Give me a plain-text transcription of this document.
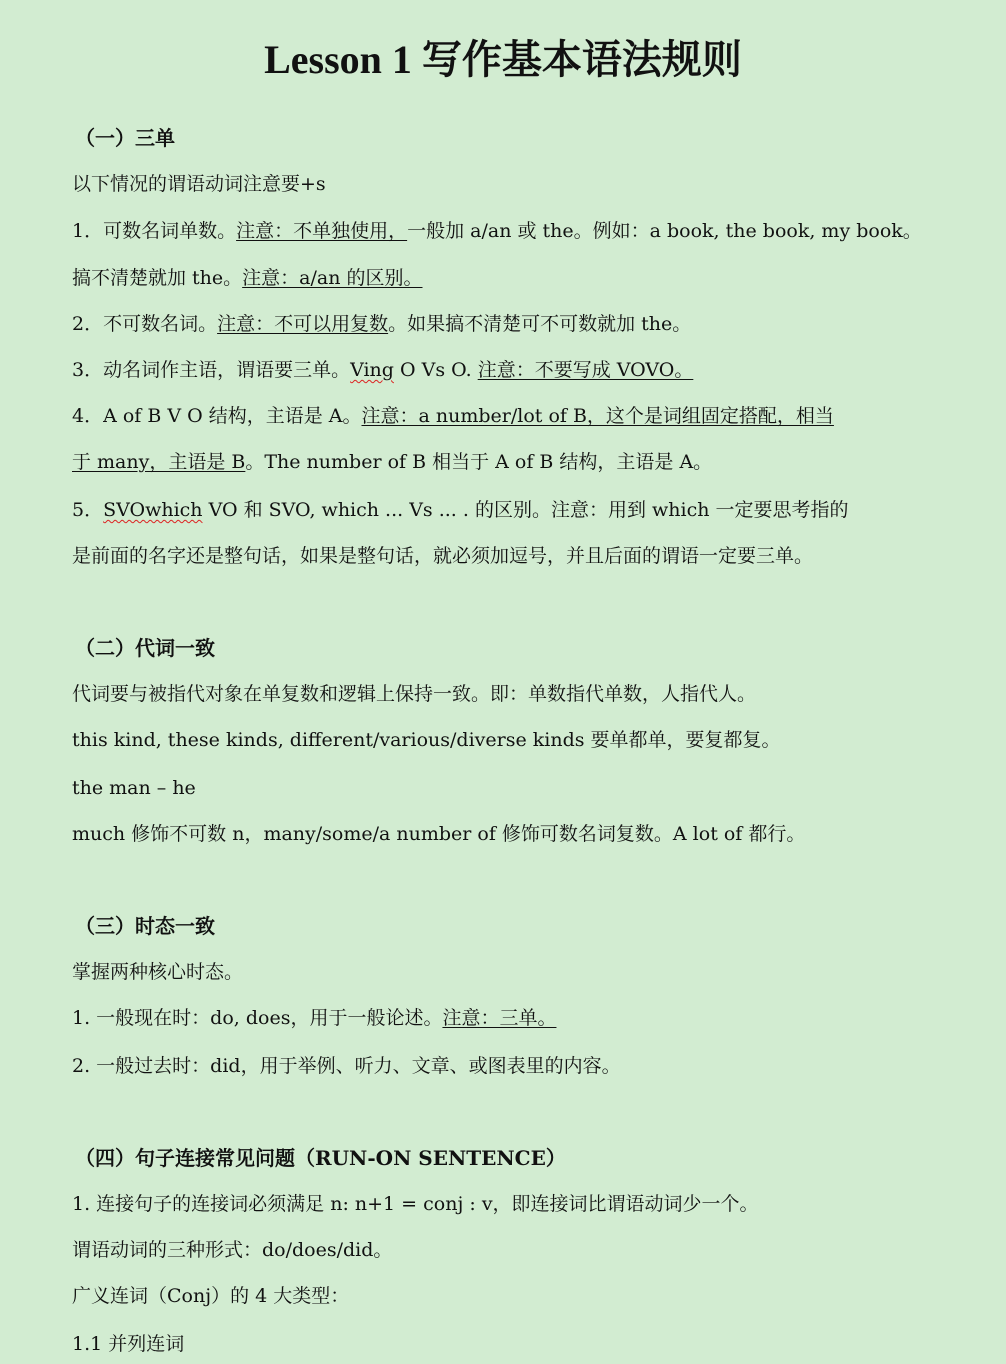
Lesson 1 写作基本语法规则
（一）三单
以下情况的谓语动词注意要+s
1．可数名词单数。注意：不单独使用，一般加 a/an 或 the。例如：a book, the book, my book。
搞不清楚就加 the。注意：a/an 的区别。
2．不可数名词。注意：不可以用复数。如果搞不清楚可不可数就加 the。
3．动名词作主语，谓语要三单。Ving O Vs O. 注意：不要写成 VOVO。
4．A of B V O 结构，主语是 A。注意：a number/lot of B，这个是词组固定搭配，相当
于 many，主语是 B。The number of B 相当于 A of B 结构，主语是 A。
5．SVOwhich VO 和 SVO, which ... Vs ... . 的区别。注意：用到 which 一定要思考指的
是前面的名字还是整句话，如果是整句话，就必须加逗号，并且后面的谓语一定要三单。
（二）代词一致
代词要与被指代对象在单复数和逻辑上保持一致。即：单数指代单数，人指代人。
this kind, these kinds, different/various/diverse kinds 要单都单，要复都复。
the man – he
much 修饰不可数 n，many/some/a number of 修饰可数名词复数。A lot of 都行。
（三）时态一致
掌握两种核心时态。
1. 一般现在时：do, does，用于一般论述。注意：三单。
2. 一般过去时：did，用于举例、听力、文章、或图表里的内容。
（四）句子连接常见问题（RUN-ON SENTENCE）
1. 连接句子的连接词必须满足 n: n+1 = conj : v，即连接词比谓语动词少一个。
谓语动词的三种形式：do/does/did。
广义连词（Conj）的 4 大类型：
1.1 并列连词
